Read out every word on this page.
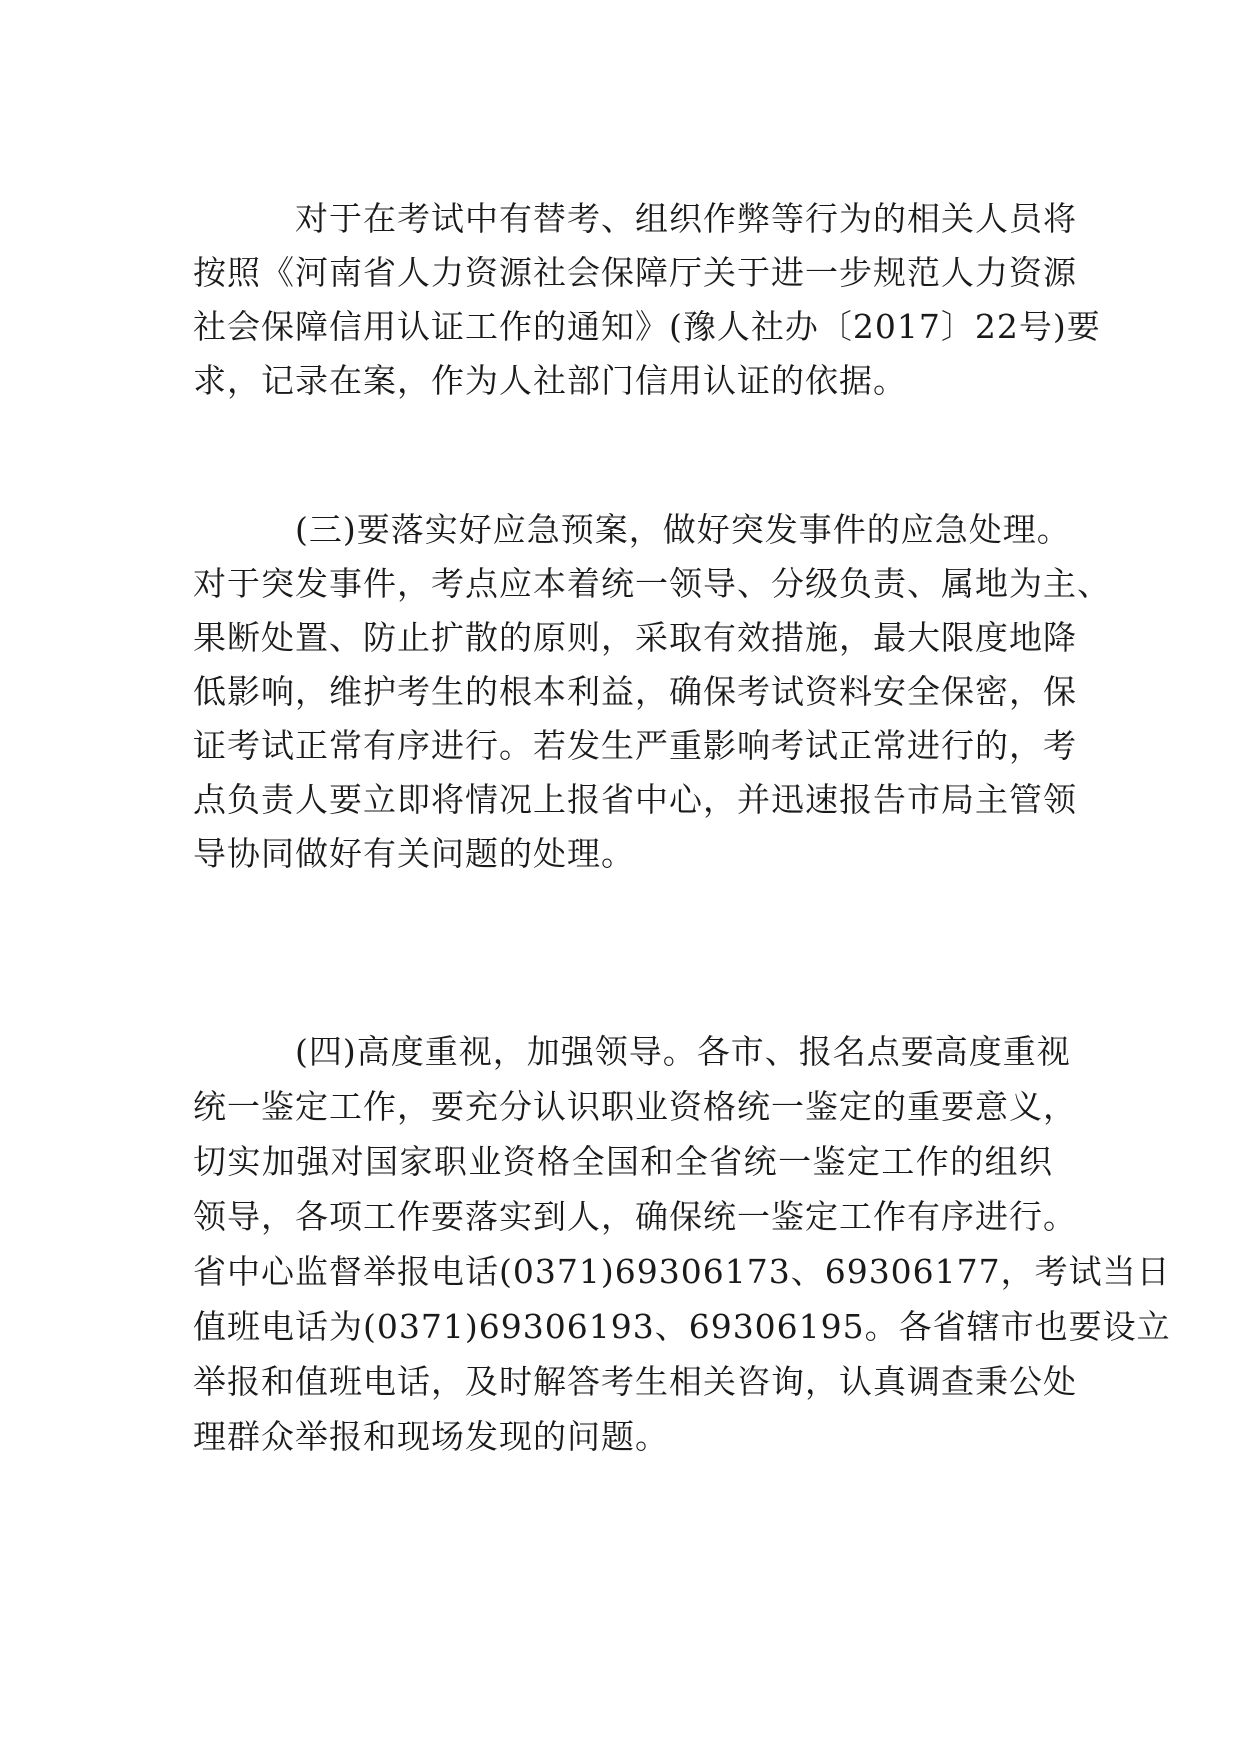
对于在考试中有替考、组织作弊等行为的相关人员将
按照《河南省人力资源社会保障厅关于进一步规范人力资源
社会保障信用认证工作的通知》(豫人社办〔2017〕22号)要
求，记录在案，作为人社部门信用认证的依据。
(三)要落实好应急预案，做好突发事件的应急处理。
对于突发事件，考点应本着统一领导、分级负责、属地为主、
果断处置、防止扩散的原则，采取有效措施，最大限度地降
低影响，维护考生的根本利益，确保考试资料安全保密，保
证考试正常有序进行。若发生严重影响考试正常进行的，考
点负责人要立即将情况上报省中心，并迅速报告市局主管领
导协同做好有关问题的处理。
(四)高度重视，加强领导。各市、报名点要高度重视
统一鉴定工作，要充分认识职业资格统一鉴定的重要意义，
切实加强对国家职业资格全国和全省统一鉴定工作的组织
领导，各项工作要落实到人，确保统一鉴定工作有序进行。
省中心监督举报电话(0371)69306173、69306177，考试当日
值班电话为(0371)69306193、69306195。各省辖市也要设立
举报和值班电话，及时解答考生相关咨询，认真调查秉公处
理群众举报和现场发现的问题。
